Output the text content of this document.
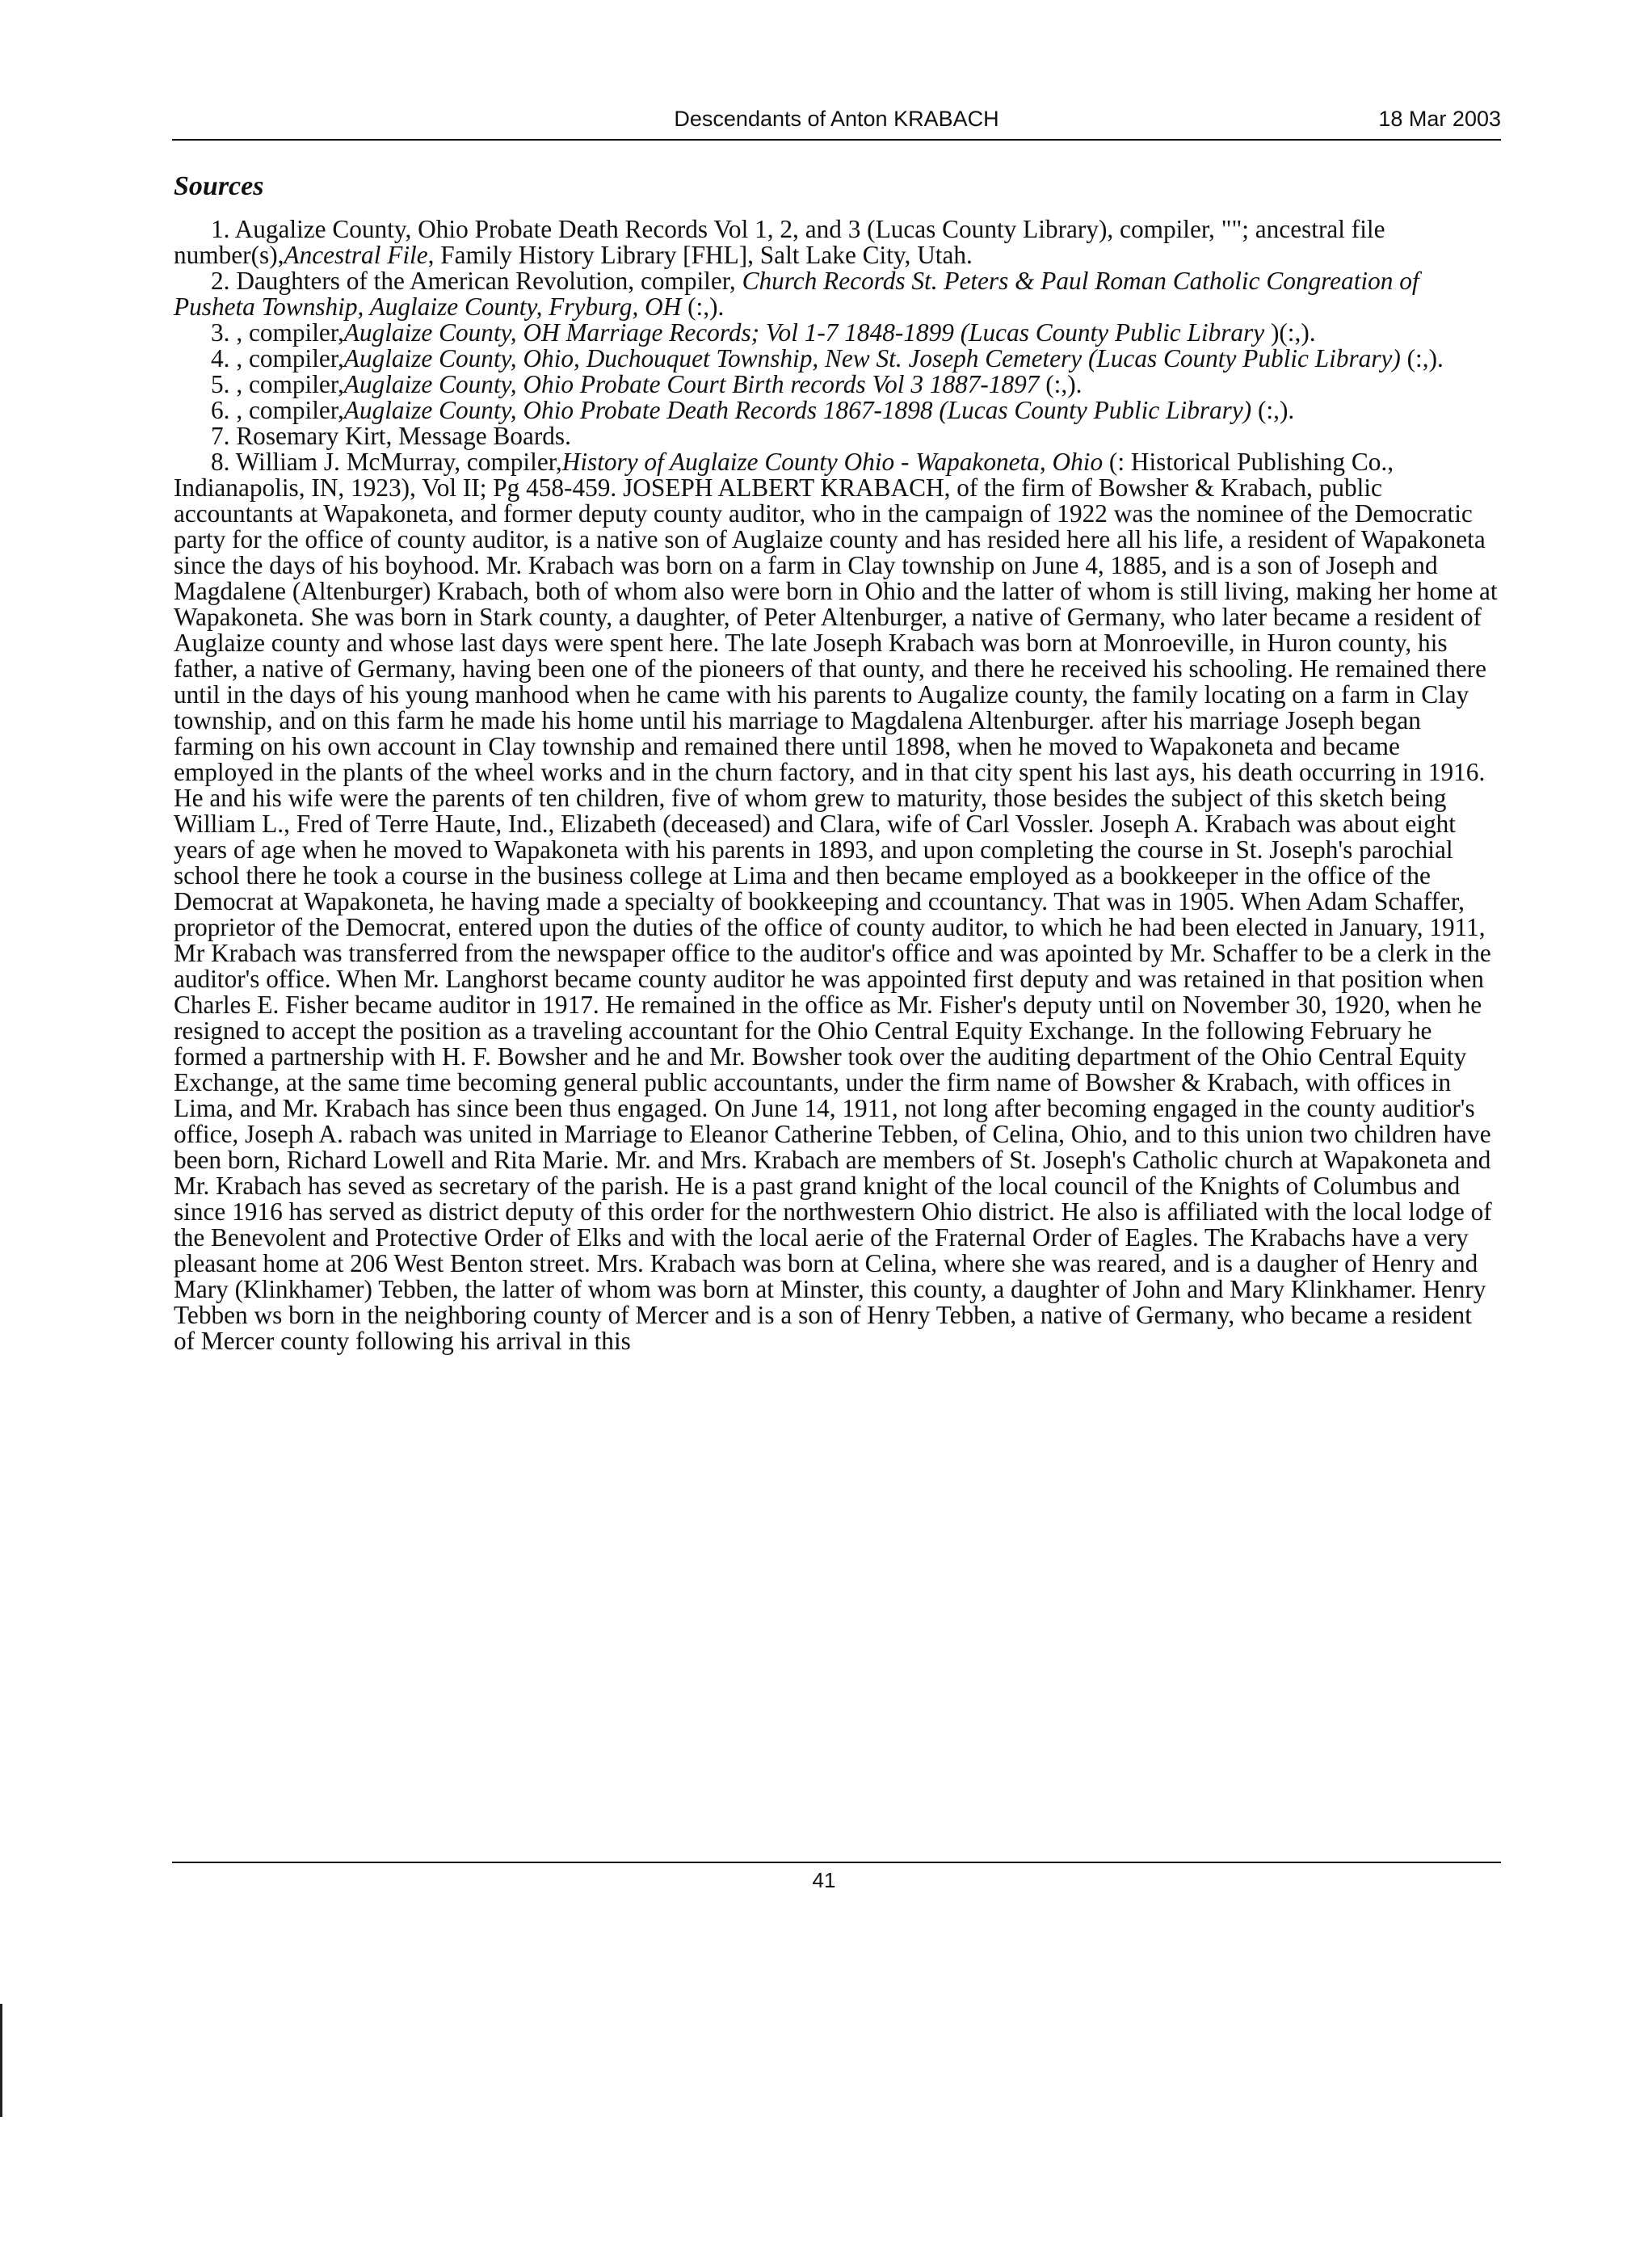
Descendants of Anton KRABACH	18 Mar 2003
Sources

1. Augalize County, Ohio Probate Death Records Vol 1, 2, and 3 (Lucas County Library), compiler, ""; ancestral file number(s),Ancestral File, Family History Library [FHL], Salt Lake City, Utah.

2. Daughters of the American Revolution, compiler, Church Records St. Peters & Paul Roman Catholic Congreation of Pusheta Township, Auglaize County, Fryburg, OH (:,).

3. , compiler,Auglaize County, OH Marriage Records; Vol 1-7 1848-1899 (Lucas County Public Library )(:,).

4. , compiler,Auglaize County, Ohio, Duchouquet Township, New St. Joseph Cemetery (Lucas County Public Library) (:,).

5. , compiler,Auglaize County, Ohio Probate Court Birth records Vol 3 1887-1897 (:,).

6. , compiler,Auglaize County, Ohio Probate Death Records 1867-1898 (Lucas County Public Library) (:,).

7. Rosemary Kirt, Message Boards.

8. William J. McMurray, compiler,History of Auglaize County Ohio - Wapakoneta, Ohio (: Historical Publishing Co., Indianapolis, IN, 1923), Vol II; Pg 458-459. JOSEPH ALBERT KRABACH, of the firm of Bowsher & Krabach, public accountants at Wapakoneta, and former deputy county auditor, who in the campaign of 1922 was the nominee of the Democratic party for the office of county auditor, is a native son of Auglaize county and has resided here all his life, a resident of Wapakoneta since the days of his boyhood. Mr. Krabach was born on a farm in Clay township on June 4, 1885, and is a son of Joseph and Magdalene (Altenburger) Krabach, both of whom also were born in Ohio and the latter of whom is still living, making her home at Wapakoneta. She was born in Stark county, a daughter, of Peter Altenburger, a native of Germany, who later became a resident of Auglaize county and whose last days were spent here. The late Joseph Krabach was born at Monroeville, in Huron county, his father, a native of Germany, having been one of the pioneers of that ounty, and there he received his schooling. He remained there until in the days of his young manhood when he came with his parents to Augalize county, the family locating on a farm in Clay township, and on this farm he made his home until his marriage to Magdalena Altenburger. after his marriage Joseph began farming on his own account in Clay township and remained there until 1898, when he moved to Wapakoneta and became employed in the plants of the wheel works and in the churn factory, and in that city spent his last ays, his death occurring in 1916. He and his wife were the parents of ten children, five of whom grew to maturity, those besides the subject of this sketch being William L., Fred of Terre Haute, Ind., Elizabeth (deceased) and Clara, wife of Carl Vossler. Joseph A. Krabach was about eight years of age when he moved to Wapakoneta with his parents in 1893, and upon completing the course in St. Joseph's parochial school there he took a course in the business college at Lima and then became employed as a bookkeeper in the office of the Democrat at Wapakoneta, he having made a specialty of bookkeeping and ccountancy. That was in 1905. When Adam Schaffer, proprietor of the Democrat, entered upon the duties of the office of county auditor, to which he had been elected in January, 1911, Mr Krabach was transferred from the newspaper office to the auditor's office and was apointed by Mr. Schaffer to be a clerk in the auditor's office. When Mr. Langhorst became county auditor he was appointed first deputy and was retained in that position when Charles E. Fisher became auditor in 1917. He remained in the office as Mr. Fisher's deputy until on November 30, 1920, when he resigned to accept the position as a traveling accountant for the Ohio Central Equity Exchange. In the following February he formed a partnership with H. F. Bowsher and he and Mr. Bowsher took over the auditing department of the Ohio Central Equity Exchange, at the same time becoming general public accountants, under the firm name of Bowsher & Krabach, with offices in Lima, and Mr. Krabach has since been thus engaged. On June 14, 1911, not long after becoming engaged in the county auditior's office, Joseph A. rabach was united in Marriage to Eleanor Catherine Tebben, of Celina, Ohio, and to this union two children have been born, Richard Lowell and Rita Marie. Mr. and Mrs. Krabach are members of St. Joseph's Catholic church at Wapakoneta and Mr. Krabach has seved as secretary of the parish. He is a past grand knight of the local council of the Knights of Columbus and since 1916 has served as district deputy of this order for the northwestern Ohio district. He also is affiliated with the local lodge of the Benevolent and Protective Order of Elks and with the local aerie of the Fraternal Order of Eagles. The Krabachs have a very pleasant home at 206 West Benton street. Mrs. Krabach was born at Celina, where she was reared, and is a daugher of Henry and Mary (Klinkhamer) Tebben, the latter of whom was born at Minster, this county, a daughter of John and Mary Klinkhamer. Henry Tebben ws born in the neighboring county of Mercer and is a son of Henry Tebben, a native of Germany, who became a resident of Mercer county following his arrival in this

41
